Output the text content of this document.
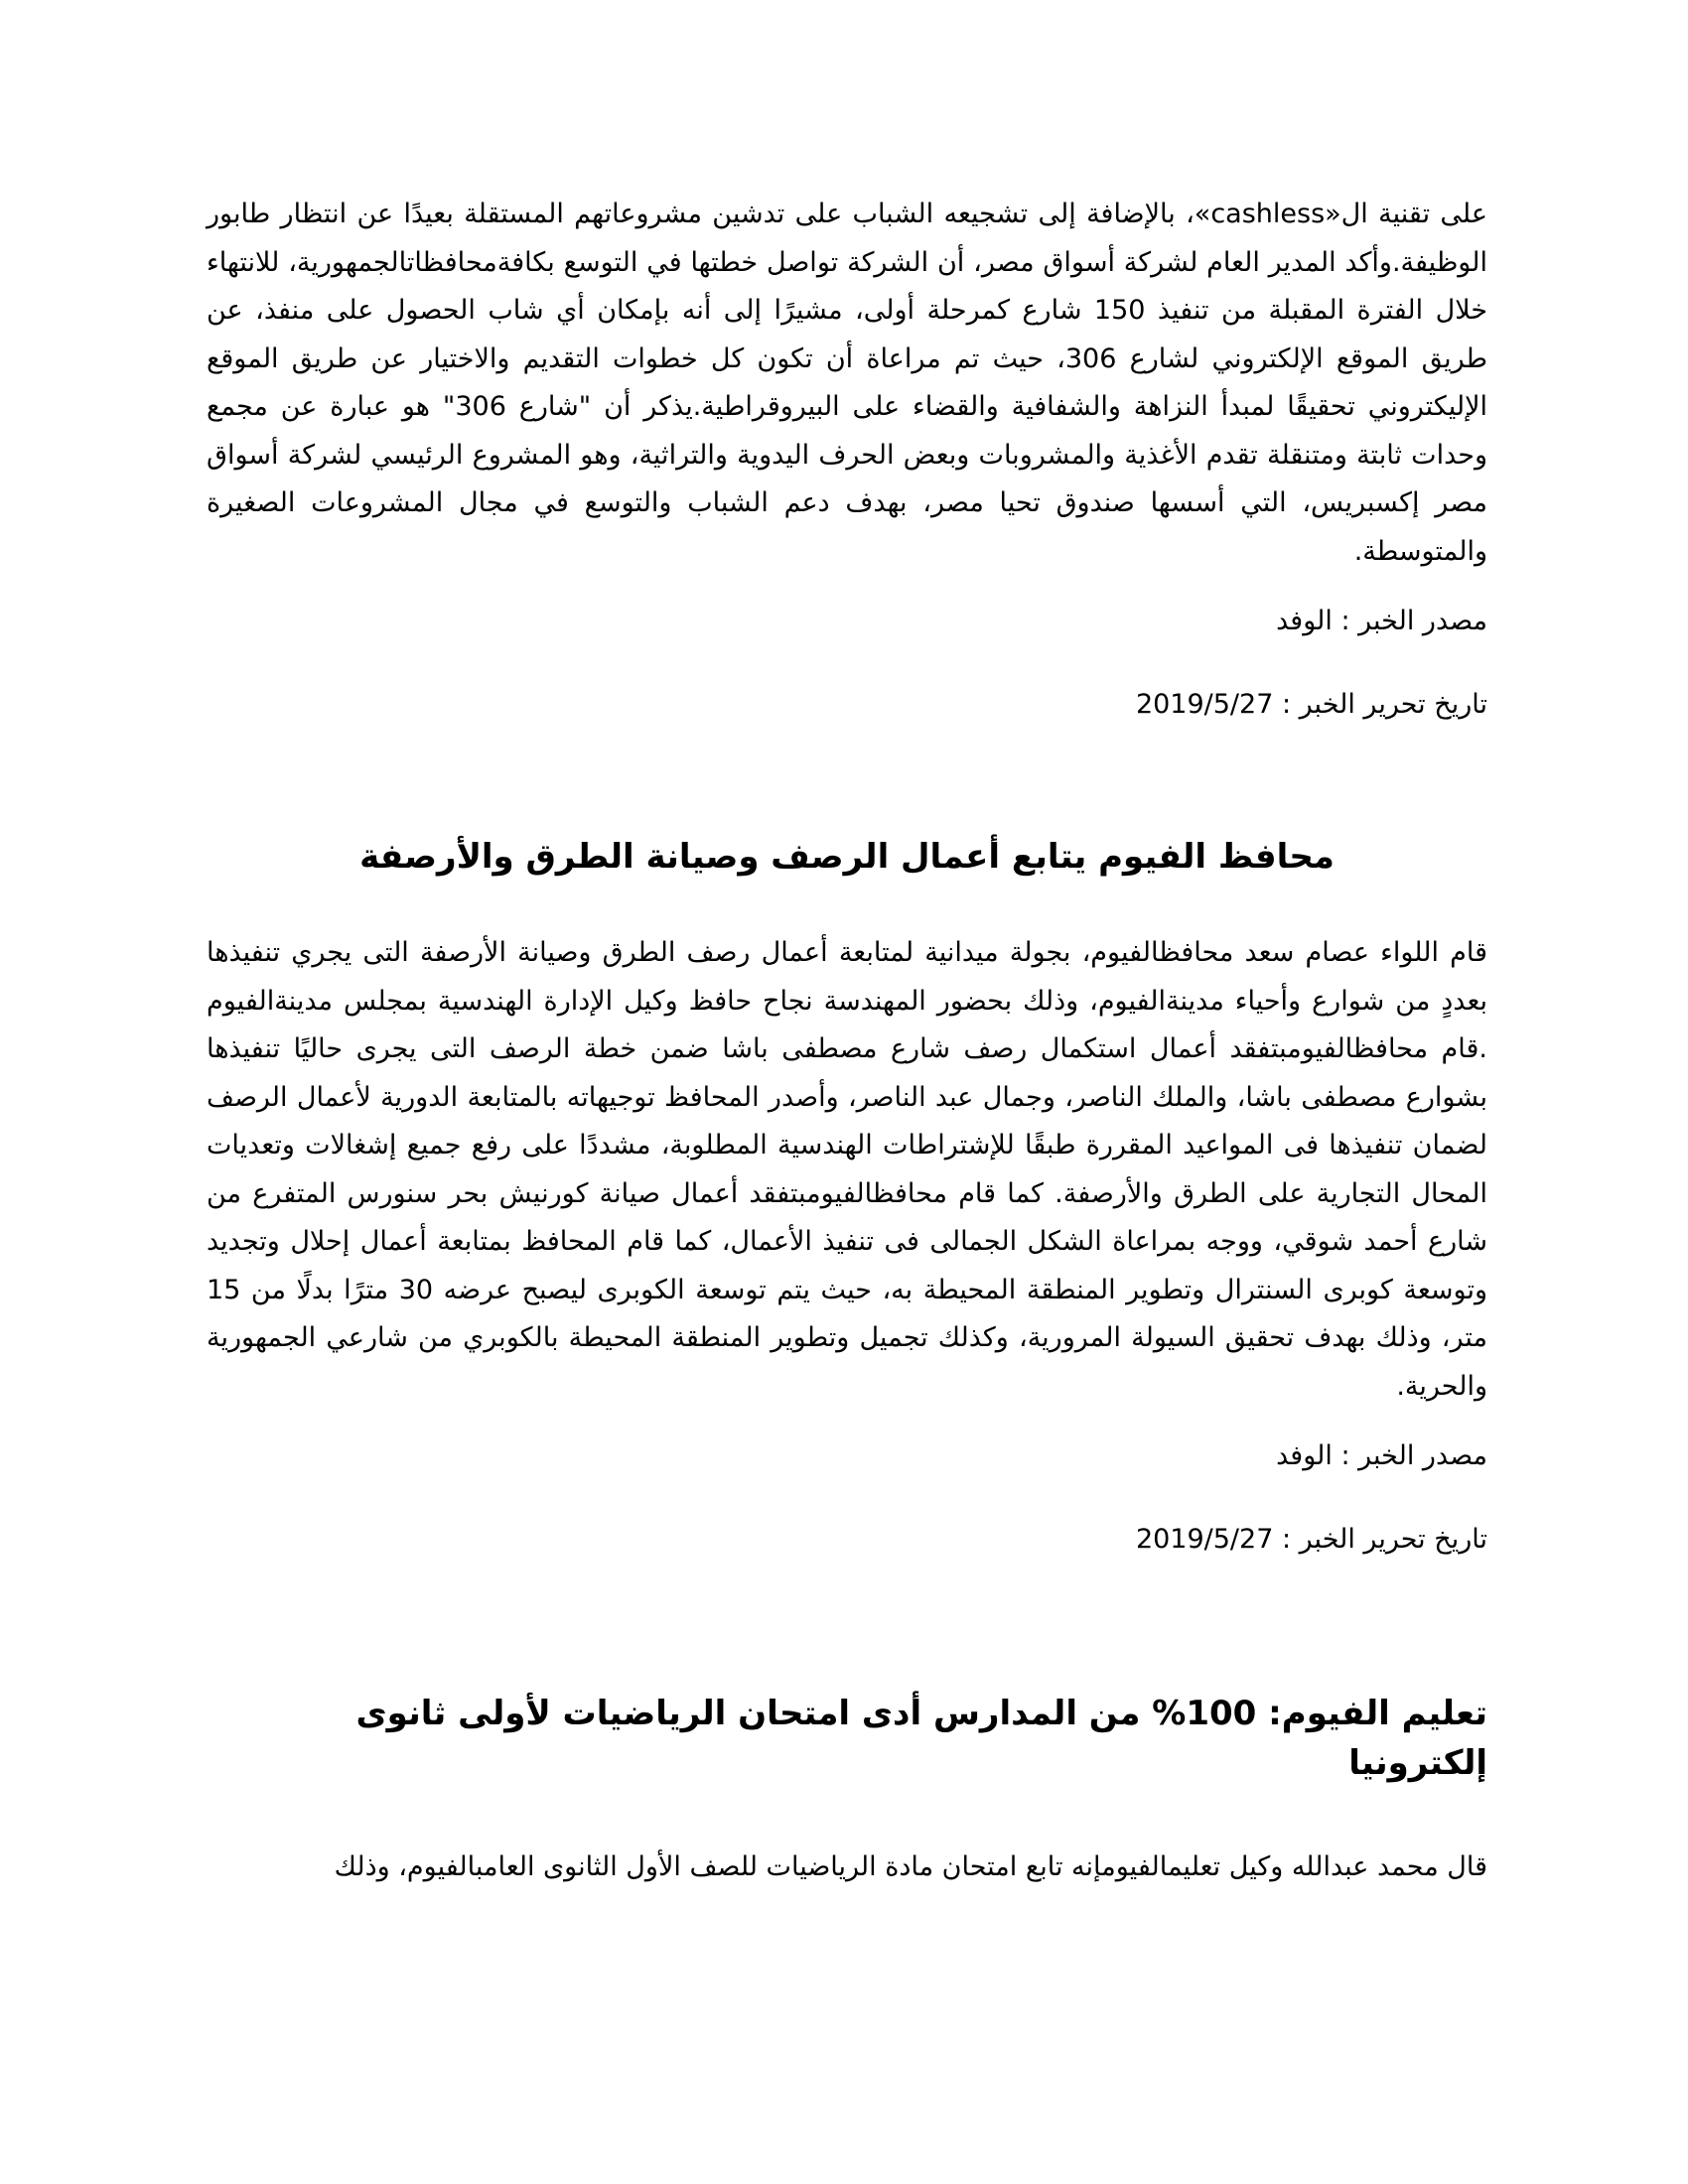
على تقنية ال«cashless»، بالإضافة إلى تشجيعه الشباب على تدشين مشروعاتهم المستقلة بعيدًا عن انتظار طابور الوظيفة.وأكد المدير العام لشركة أسواق مصر، أن الشركة تواصل خطتها في التوسع بكافةمحافظاتالجمهورية، للانتهاء خلال الفترة المقبلة من تنفيذ 150 شارع كمرحلة أولى، مشيرًا إلى أنه بإمكان أي شاب الحصول على منفذ، عن طريق الموقع الإلكتروني لشارع 306، حيث تم مراعاة أن تكون كل خطوات التقديم والاختيار عن طريق الموقع الإليكتروني تحقيقًا لمبدأ النزاهة والشفافية والقضاء على البيروقراطية.يذكر أن "شارع 306" هو عبارة عن مجمع وحدات ثابتة ومتنقلة تقدم الأغذية والمشروبات وبعض الحرف اليدوية والتراثية، وهو المشروع الرئيسي لشركة أسواق مصر إكسبريس، التي أسسها صندوق تحيا مصر، بهدف دعم الشباب والتوسع في مجال المشروعات الصغيرة والمتوسطة.

مصدر الخبر : الوفد

تاريخ تحرير الخبر : 2019/5/27

محافظ الفيوم يتابع أعمال الرصف وصيانة الطرق والأرصفة

قام اللواء عصام سعد محافظالفيوم، بجولة ميدانية لمتابعة أعمال رصف الطرق وصيانة الأرصفة التى يجري تنفيذها بعددٍ من شوارع وأحياء مدينةالفيوم، وذلك بحضور المهندسة نجاح حافظ وكيل الإدارة الهندسية بمجلس مدينةالفيوم .قام محافظالفيومبتفقد أعمال استكمال رصف شارع مصطفى باشا ضمن خطة الرصف التى يجرى حاليًا تنفيذها بشوارع مصطفى باشا، والملك الناصر، وجمال عبد الناصر، وأصدر المحافظ توجيهاته بالمتابعة الدورية لأعمال الرصف لضمان تنفيذها فى المواعيد المقررة طبقًا للإشتراطات الهندسية المطلوبة، مشددًا على رفع جميع إشغالات وتعديات المحال التجارية على الطرق والأرصفة. كما قام محافظالفيومبتفقد أعمال صيانة كورنيش بحر سنورس المتفرع من شارع أحمد شوقي، ووجه بمراعاة الشكل الجمالى فى تنفيذ الأعمال، كما قام المحافظ بمتابعة أعمال إحلال وتجديد وتوسعة كوبرى السنترال وتطوير المنطقة المحيطة به، حيث يتم توسعة الكوبرى ليصبح عرضه 30 مترًا بدلًا من 15 متر، وذلك بهدف تحقيق السيولة المرورية، وكذلك تجميل وتطوير المنطقة المحيطة بالكوبري من شارعي الجمهورية والحرية.

مصدر الخبر : الوفد

تاريخ تحرير الخبر : 2019/5/27

تعليم الفيوم: 100% من المدارس أدى امتحان الرياضيات لأولى ثانوى إلكترونيا

قال محمد عبدالله وكيل تعليمالفيومإنه تابع امتحان مادة الرياضيات للصف الأول الثانوى العامبالفيوم، وذلك
